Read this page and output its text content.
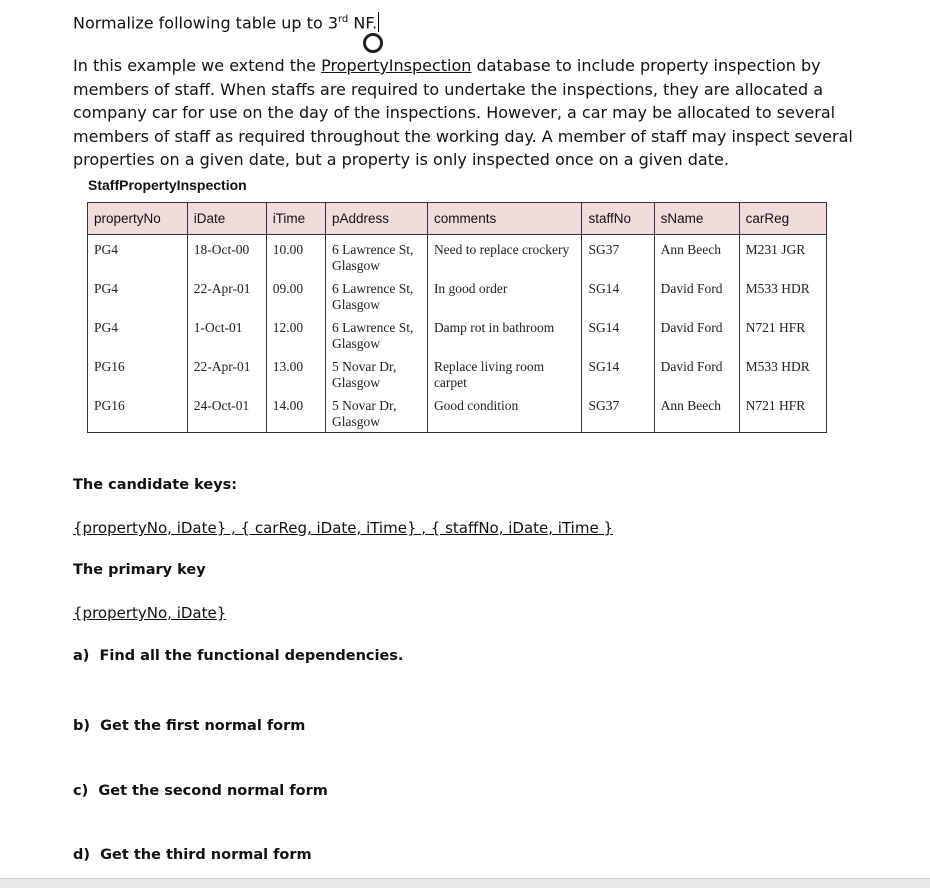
Normalize following table up to 3rd NF.
In this example we extend the PropertyInspection database to include property inspection by members of staff. When staffs are required to undertake the inspections, they are allocated a company car for use on the day of the inspections. However, a car may be allocated to several members of staff as required throughout the working day. A member of staff may inspect several properties on a given date, but a property is only inspected once on a given date.
StaffPropertyInspection
propertyNo	iDate	iTime	pAddress	comments	staffNo	sName	carReg
PG4	18-Oct-00	10.00	6 Lawrence St, Glasgow	Need to replace crockery	SG37	Ann Beech	M231 JGR
PG4	22-Apr-01	09.00	6 Lawrence St, Glasgow	In good order	SG14	David Ford	M533 HDR
PG4	1-Oct-01	12.00	6 Lawrence St, Glasgow	Damp rot in bathroom	SG14	David Ford	N721 HFR
PG16	22-Apr-01	13.00	5 Novar Dr, Glasgow	Replace living room carpet	SG14	David Ford	M533 HDR
PG16	24-Oct-01	14.00	5 Novar Dr, Glasgow	Good condition	SG37	Ann Beech	N721 HFR
The candidate keys:
{propertyNo, iDate} , { carReg, iDate, iTime} , { staffNo, iDate, iTime }
The primary key
{propertyNo, iDate}
a) Find all the functional dependencies.
b) Get the first normal form
c) Get the second normal form
d) Get the third normal form
